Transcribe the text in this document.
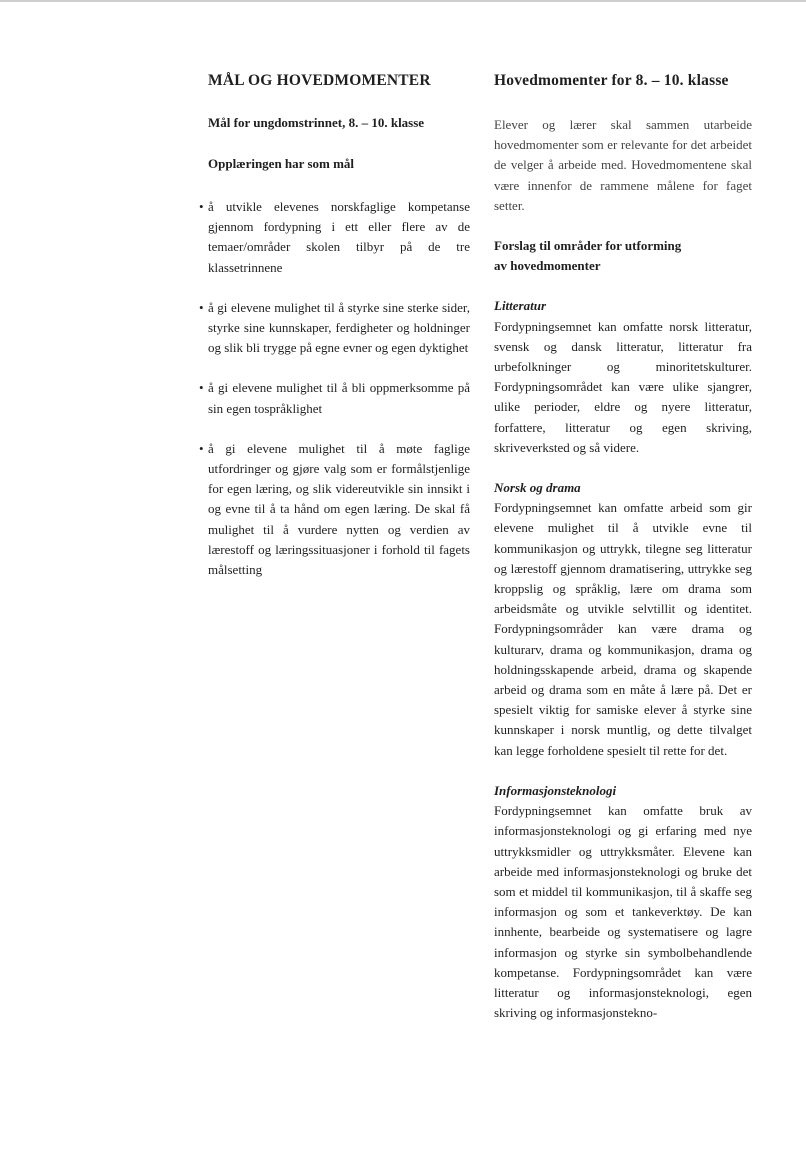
MÅL OG HOVEDMOMENTER
Mål for ungdomstrinnet, 8. – 10. klasse
Opplæringen har som mål
• å utvikle elevenes norskfaglige kompetanse gjennom fordypning i ett eller flere av de temaer/områder skolen tilbyr på de tre klassetrinnene
• å gi elevene mulighet til å styrke sine sterke sider, styrke sine kunnskaper, ferdigheter og holdninger og slik bli trygge på egne evner og egen dyktighet
• å gi elevene mulighet til å bli oppmerksomme på sin egen tospråklighet
• å gi elevene mulighet til å møte faglige utfordringer og gjøre valg som er formålstjenlige for egen læring, og slik videreutvikle sin innsikt i og evne til å ta hånd om egen læring. De skal få mulighet til å vurdere nytten og verdien av lærestoff og læringssituasjoner i forhold til fagets målsetting
Hovedmomenter for 8. – 10. klasse

Elever og lærer skal sammen utarbeide hovedmomenter som er relevante for det arbeidet de velger å arbeide med. Hovedmomentene skal være innenfor de rammene målene for faget setter.

Forslag til områder for utforming

av hovedmomenter

Litteratur

Fordypningsemnet kan omfatte norsk litteratur, svensk og dansk litteratur, litteratur fra urbefolkninger og minoritetskulturer. Fordypningsområdet kan være ulike sjangrer, ulike perioder, eldre og nyere litteratur, forfattere, litteratur og egen skriving, skriveverksted og så videre.

Norsk og drama

Fordypningsemnet kan omfatte arbeid som gir elevene mulighet til å utvikle evne til kommunikasjon og uttrykk, tilegne seg litteratur og lærestoff gjennom dramatisering, uttrykke seg kroppslig og språklig, lære om drama som arbeidsmåte og utvikle selvtillit og identitet. Fordypningsområder kan være drama og kulturarv, drama og kommunikasjon, drama og holdningsskapende arbeid, drama og skapende arbeid og drama som en måte å lære på. Det er spesielt viktig for samiske elever å styrke sine kunnskaper i norsk muntlig, og dette tilvalget kan legge forholdene spesielt til rette for det.

Informasjonsteknologi

Fordypningsemnet kan omfatte bruk av informasjonsteknologi og gi erfaring med nye uttrykksmidler og uttrykksmåter. Elevene kan arbeide med informasjonsteknologi og bruke det som et middel til kommunikasjon, til å skaffe seg informasjon og som et tankeverktøy. De kan innhente, bearbeide og systematisere og lagre informasjon og styrke sin symbolbehandlende kompetanse. Fordypningsområdet kan være litteratur og informasjonsteknologi, egen skriving og informasjonstekno-
